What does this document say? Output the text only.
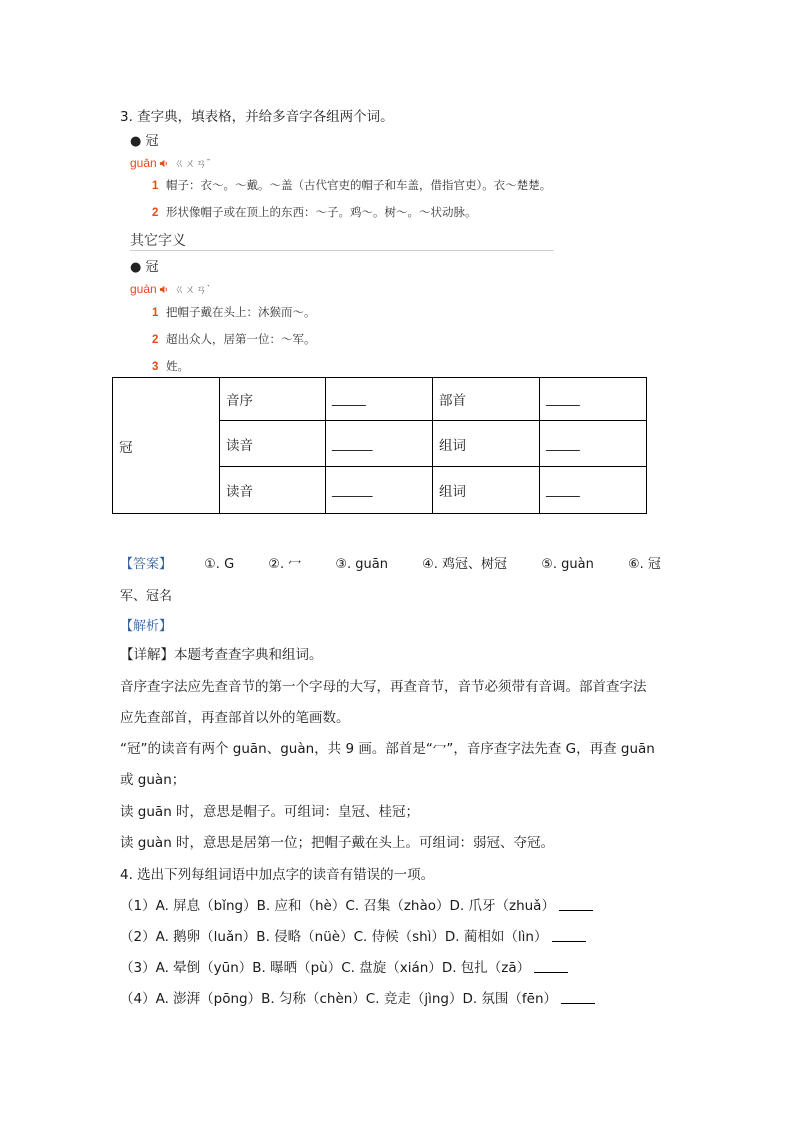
3. 查字典，填表格，并给多音字各组两个词。
● 冠
guān ㄍㄨㄢˉ
1 帽子：衣～。～戴。～盖（古代官吏的帽子和车盖，借指官吏）。衣～楚楚。
2 形状像帽子或在顶上的东西：～子。鸡～。树～。～状动脉。
其它字义
● 冠
guàn ㄍㄨㄢˋ
1 把帽子戴在头上：沐猴而～。
2 超出众人，居第一位：～军。
3 姓。
冠	音序	_____	部首	_____
	读音	______	组词	_____
	读音	______	组词	_____
【答案】 ①. G	②. 冖	③. guān	④. 鸡冠、树冠	⑤. guàn	⑥. 冠
军、冠名
【解析】
【详解】本题考查查字典和组词。
音序查字法应先查音节的第一个字母的大写，再查音节，音节必须带有音调。部首查字法
应先查部首，再查部首以外的笔画数。
“冠”的读音有两个 guān、guàn，共 9 画。部首是“冖”，音序查字法先查 G，再查 guān
或 guàn；
读 guān 时，意思是帽子。可组词：皇冠、桂冠；
读 guàn 时，意思是居第一位；把帽子戴在头上。可组词：弱冠、夺冠。
4. 选出下列每组词语中加点字的读音有错误的一项。
（1）A. 屏息（bǐng）B. 应和（hè）C. 召集（zhào）D. 爪牙（zhuǎ）
（2）A. 鹅卵（luǎn）B. 侵略（nüè）C. 侍候（shì）D. 蔺相如（lìn）
（3）A. 晕倒（yūn）B. 曝晒（pù）C. 盘旋（xián）D. 包扎（zā）
（4）A. 澎湃（pōng）B. 匀称（chèn）C. 竞走（jìng）D. 氛围（fēn）
